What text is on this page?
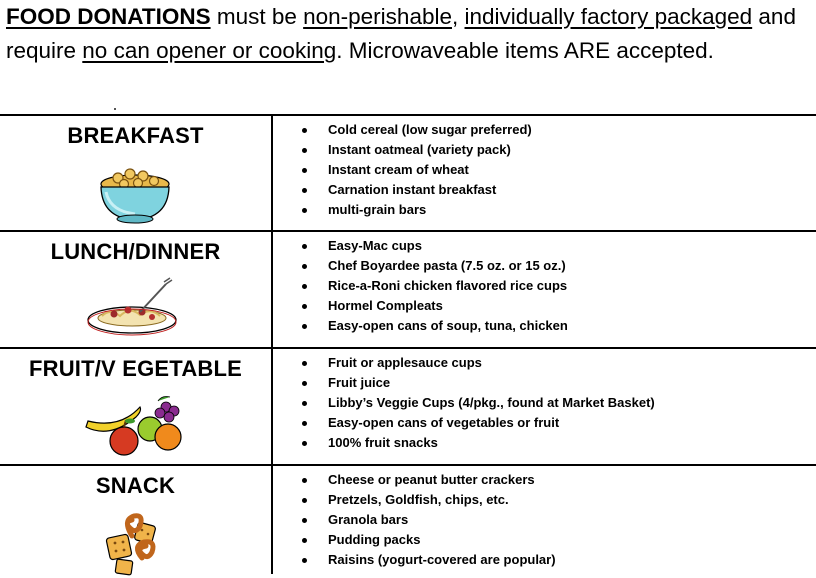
FOOD DONATIONS must be non-perishable, individually factory packaged and require no can opener or cooking. Microwaveable items ARE accepted.
BREAKFAST	Cold cereal (low sugar preferred)
Instant oatmeal (variety pack)
Instant cream of wheat
Carnation instant breakfast
multi-grain bars
LUNCH/DINNER	Easy-Mac cups
Chef Boyardee pasta (7.5 oz. or 15 oz.)
Rice-a-Roni chicken flavored rice cups
Hormel Compleats
Easy-open cans of soup, tuna, chicken
FRUIT/V EGETABLE	Fruit or applesauce cups
Fruit juice
Libby’s Veggie Cups (4/pkg., found at Market Basket)
Easy-open cans of vegetables or fruit
100% fruit snacks
SNACK	Cheese or peanut butter crackers
Pretzels, Goldfish, chips, etc.
Granola bars
Pudding packs
Raisins (yogurt-covered are popular)
